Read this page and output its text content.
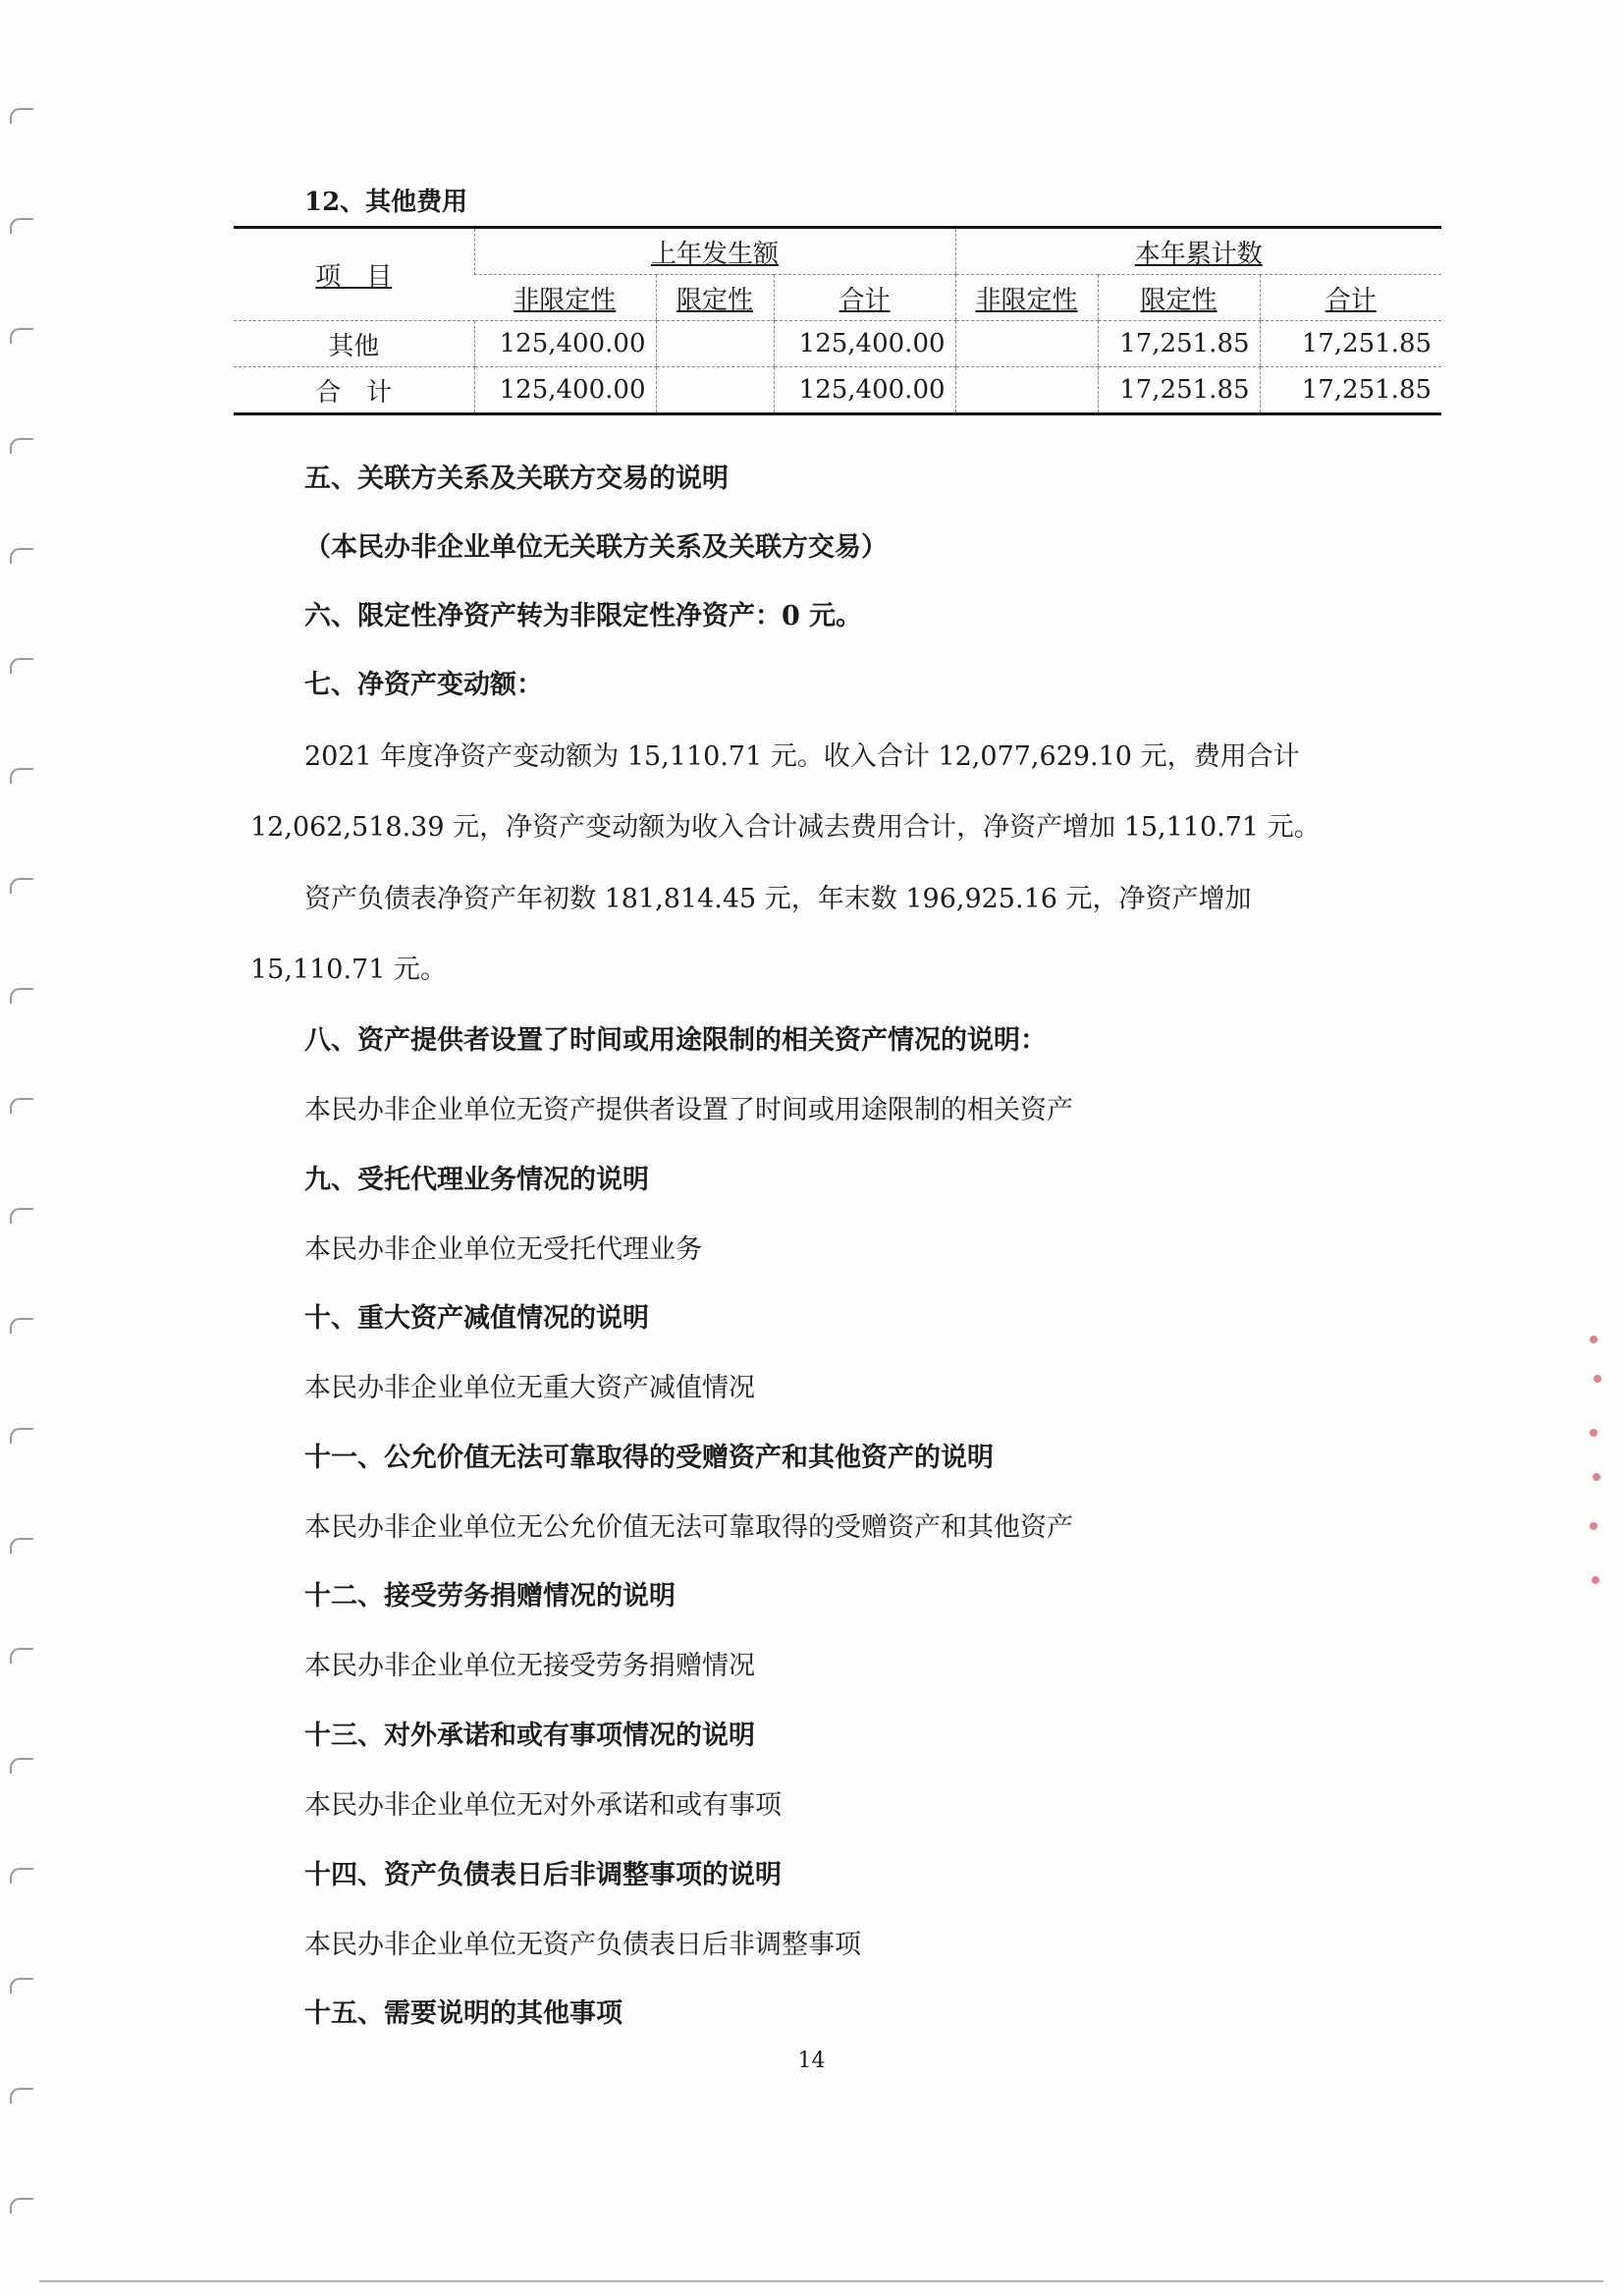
12、其他费用
项　目	上年发生额			本年累计数		
	非限定性	限定性	合计	非限定性	限定性	合计
其他	125,400.00		125,400.00		17,251.85	17,251.85
合　计	125,400.00		125,400.00		17,251.85	17,251.85
五、关联方关系及关联方交易的说明
（本民办非企业单位无关联方关系及关联方交易）
六、限定性净资产转为非限定性净资产：0 元。
七、净资产变动额：
2021 年度净资产变动额为 15,110.71 元。收入合计 12,077,629.10 元，费用合计
12,062,518.39 元，净资产变动额为收入合计减去费用合计，净资产增加 15,110.71 元。
资产负债表净资产年初数 181,814.45 元，年末数 196,925.16 元，净资产增加
15,110.71 元。
八、资产提供者设置了时间或用途限制的相关资产情况的说明：
本民办非企业单位无资产提供者设置了时间或用途限制的相关资产
九、受托代理业务情况的说明
本民办非企业单位无受托代理业务
十、重大资产减值情况的说明
本民办非企业单位无重大资产减值情况
十一、公允价值无法可靠取得的受赠资产和其他资产的说明
本民办非企业单位无公允价值无法可靠取得的受赠资产和其他资产
十二、接受劳务捐赠情况的说明
本民办非企业单位无接受劳务捐赠情况
十三、对外承诺和或有事项情况的说明
本民办非企业单位无对外承诺和或有事项
十四、资产负债表日后非调整事项的说明
本民办非企业单位无资产负债表日后非调整事项
十五、需要说明的其他事项
14
